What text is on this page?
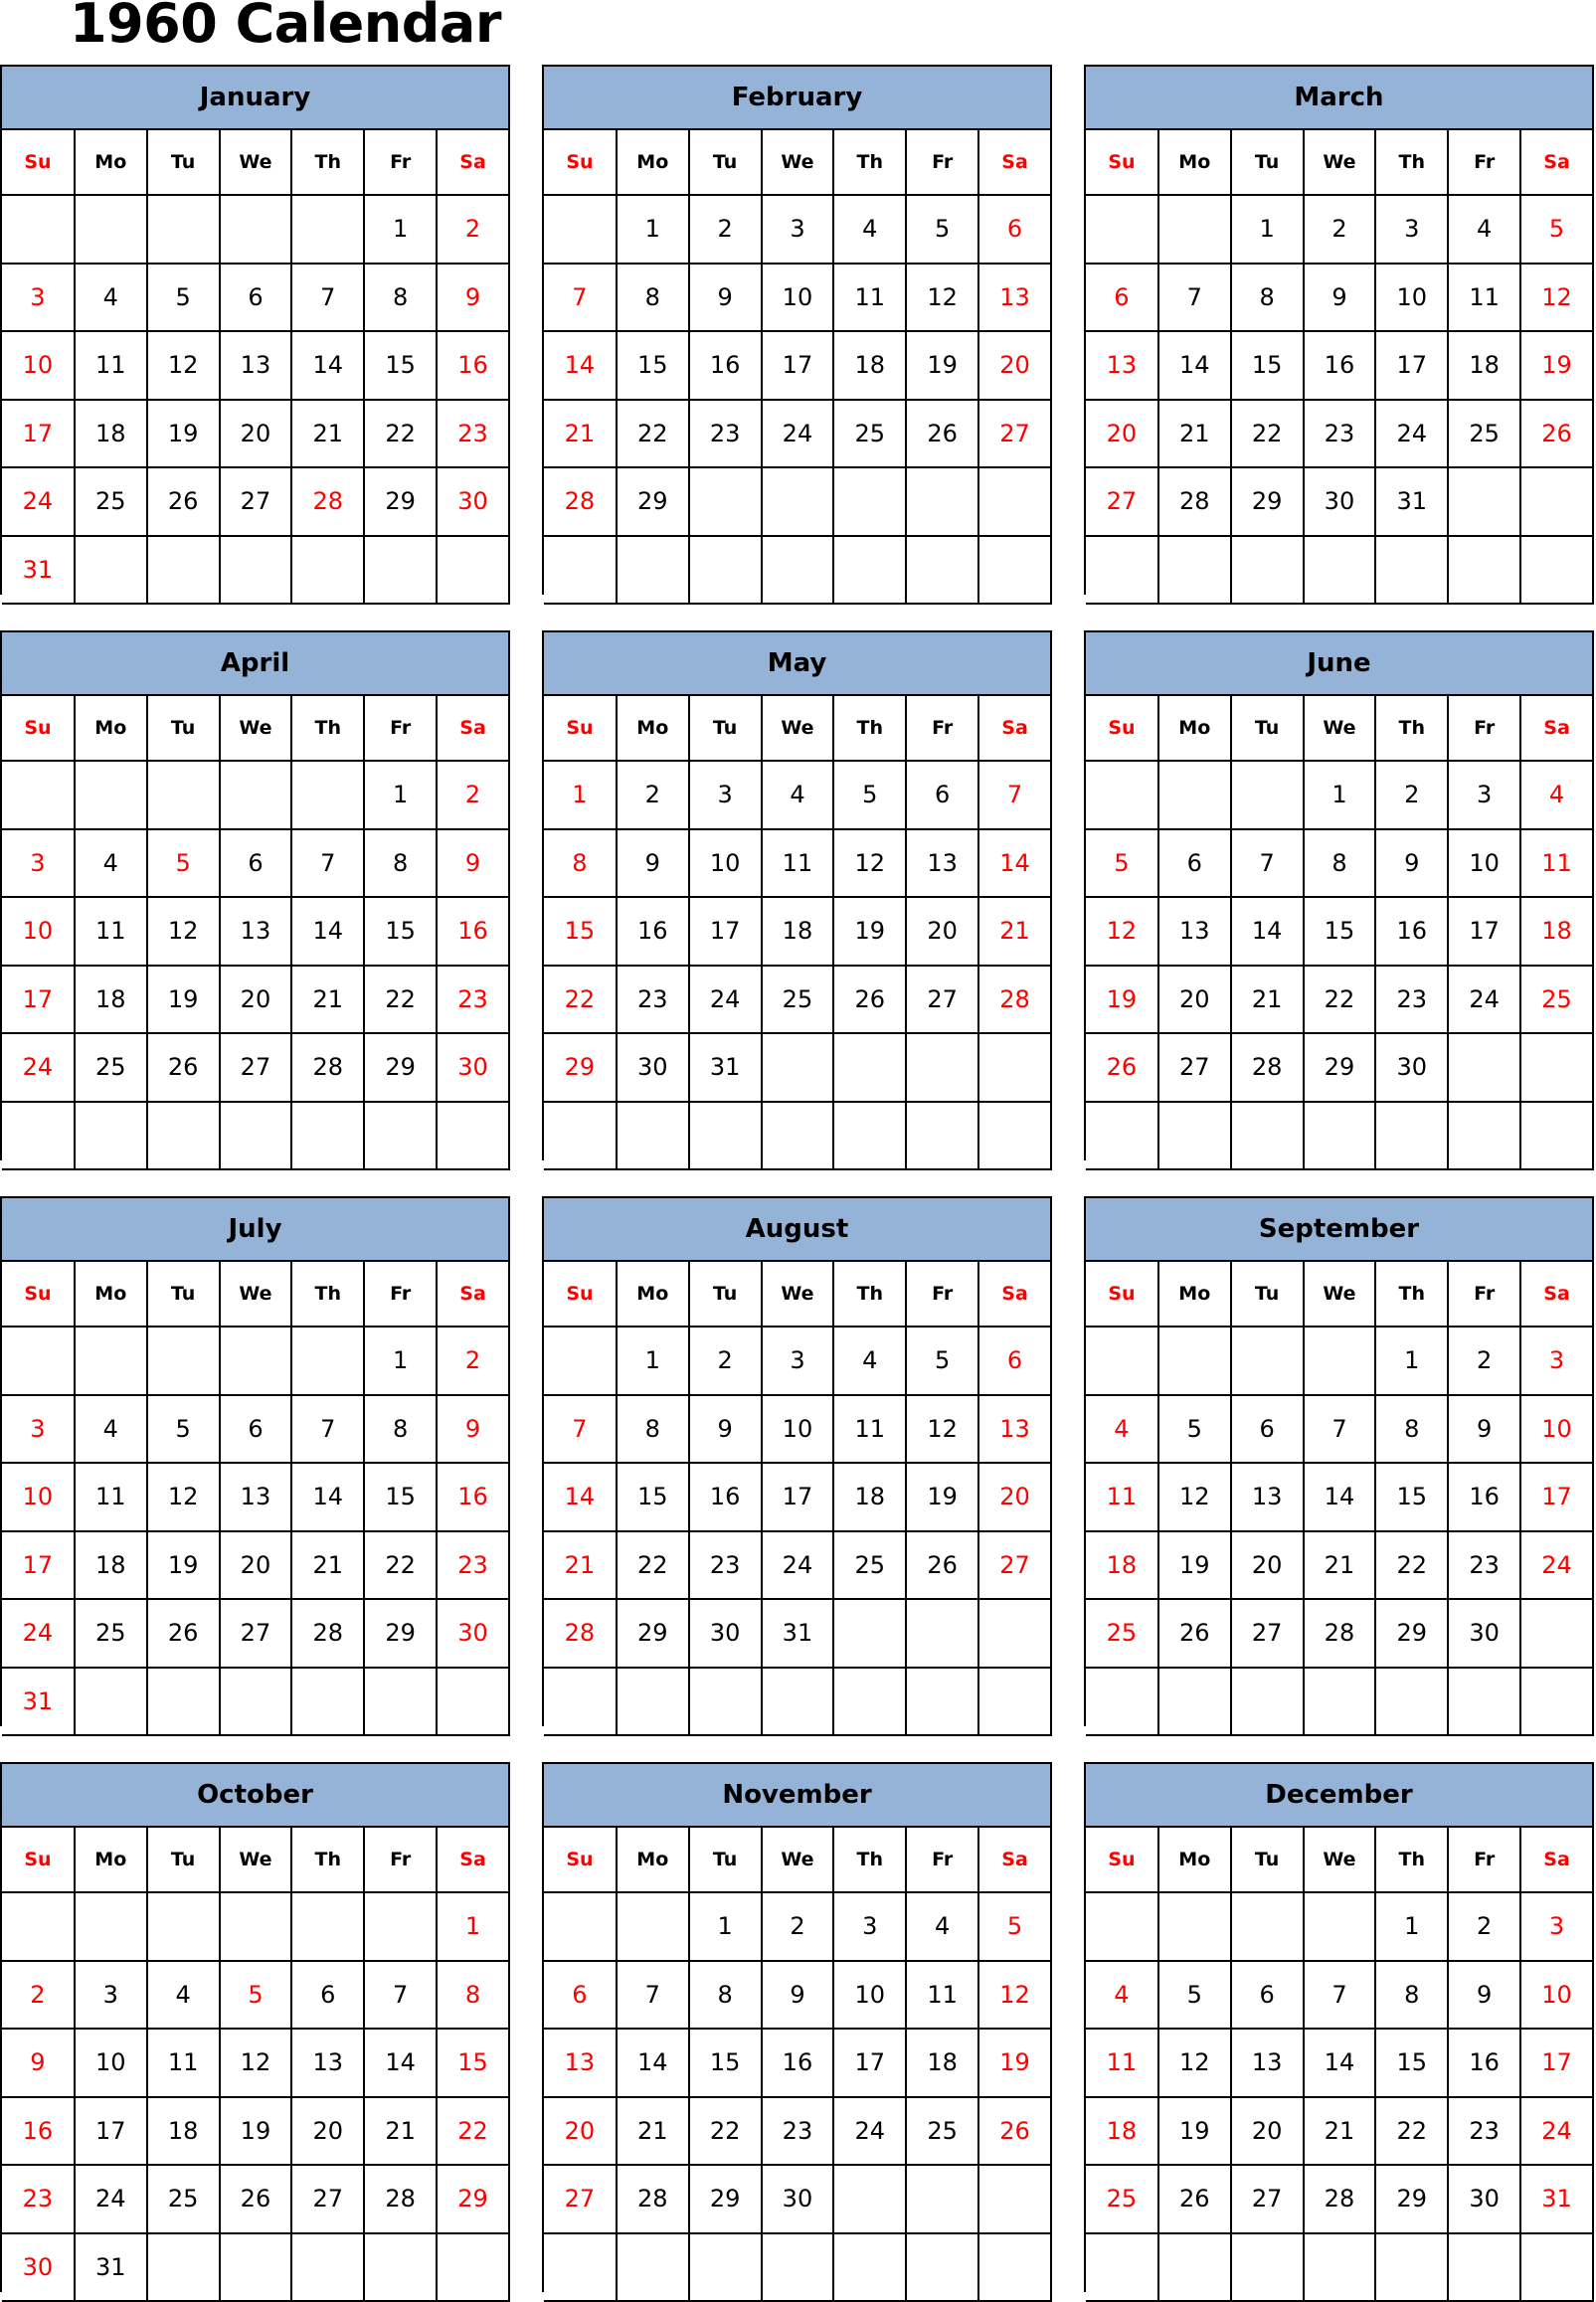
1960 Calendar
January
Su	Mo	Tu	We	Th	Fr	Sa
					1	2
3	4	5	6	7	8	9
10	11	12	13	14	15	16
17	18	19	20	21	22	23
24	25	26	27	28	29	30
31						
February
Su	Mo	Tu	We	Th	Fr	Sa
	1	2	3	4	5	6
7	8	9	10	11	12	13
14	15	16	17	18	19	20
21	22	23	24	25	26	27
28	29					

March
Su	Mo	Tu	We	Th	Fr	Sa
		1	2	3	4	5
6	7	8	9	10	11	12
13	14	15	16	17	18	19
20	21	22	23	24	25	26
27	28	29	30	31		

April
Su	Mo	Tu	We	Th	Fr	Sa
					1	2
3	4	5	6	7	8	9
10	11	12	13	14	15	16
17	18	19	20	21	22	23
24	25	26	27	28	29	30

May
Su	Mo	Tu	We	Th	Fr	Sa
1	2	3	4	5	6	7
8	9	10	11	12	13	14
15	16	17	18	19	20	21
22	23	24	25	26	27	28
29	30	31				

June
Su	Mo	Tu	We	Th	Fr	Sa
			1	2	3	4
5	6	7	8	9	10	11
12	13	14	15	16	17	18
19	20	21	22	23	24	25
26	27	28	29	30		

July
Su	Mo	Tu	We	Th	Fr	Sa
					1	2
3	4	5	6	7	8	9
10	11	12	13	14	15	16
17	18	19	20	21	22	23
24	25	26	27	28	29	30
31						
August
Su	Mo	Tu	We	Th	Fr	Sa
	1	2	3	4	5	6
7	8	9	10	11	12	13
14	15	16	17	18	19	20
21	22	23	24	25	26	27
28	29	30	31			

September
Su	Mo	Tu	We	Th	Fr	Sa
				1	2	3
4	5	6	7	8	9	10
11	12	13	14	15	16	17
18	19	20	21	22	23	24
25	26	27	28	29	30	

October
Su	Mo	Tu	We	Th	Fr	Sa
						1
2	3	4	5	6	7	8
9	10	11	12	13	14	15
16	17	18	19	20	21	22
23	24	25	26	27	28	29
30	31					
November
Su	Mo	Tu	We	Th	Fr	Sa
		1	2	3	4	5
6	7	8	9	10	11	12
13	14	15	16	17	18	19
20	21	22	23	24	25	26
27	28	29	30			

December
Su	Mo	Tu	We	Th	Fr	Sa
				1	2	3
4	5	6	7	8	9	10
11	12	13	14	15	16	17
18	19	20	21	22	23	24
25	26	27	28	29	30	31
